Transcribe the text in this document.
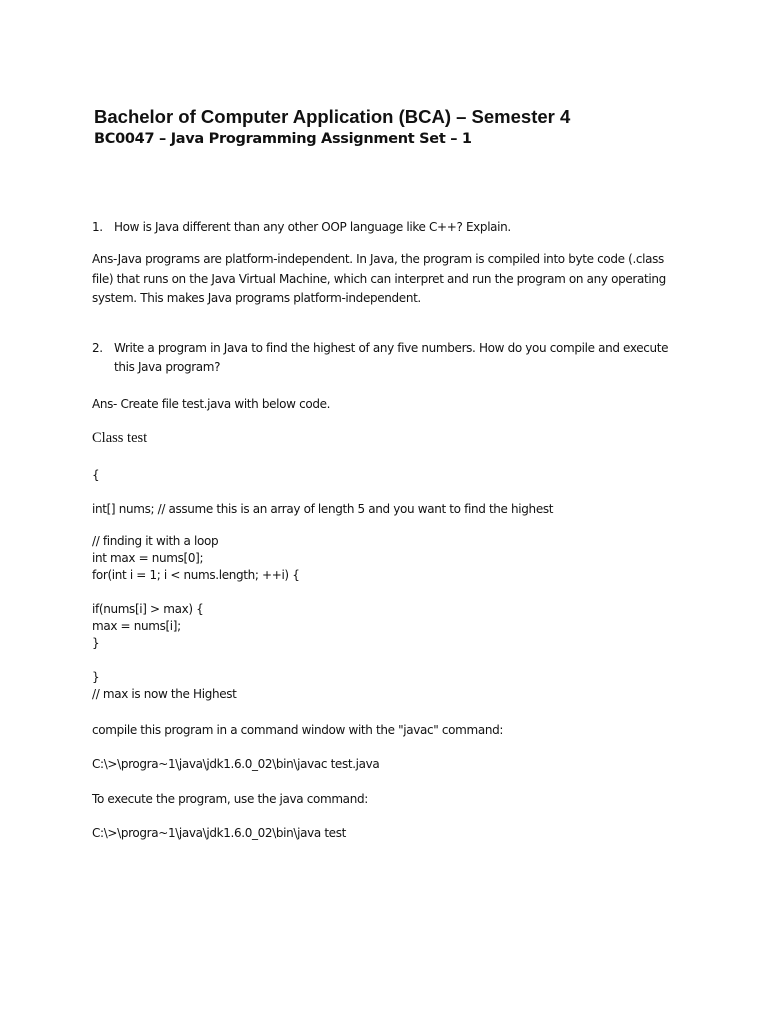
Bachelor of Computer Application (BCA) – Semester 4
BC0047 – Java Programming Assignment Set – 1
1. How is Java different than any other OOP language like C++? Explain.
Ans-Java programs are platform-independent. In Java, the program is compiled into byte code (.class
file) that runs on the Java Virtual Machine, which can interpret and run the program on any operating
system. This makes Java programs platform-independent.
2. Write a program in Java to find the highest of any five numbers. How do you compile and execute
this Java program?
Ans- Create file test.java with below code.
Class test
{
int[] nums; // assume this is an array of length 5 and you want to find the highest
// finding it with a loop
int max = nums[0];
for(int i = 1; i < nums.length; ++i) {
if(nums[i] > max) {
max = nums[i];
}
}
// max is now the Highest
compile this program in a command window with the "javac" command:
C:\>\progra~1\java\jdk1.6.0_02\bin\javac test.java
To execute the program, use the java command:
C:\>\progra~1\java\jdk1.6.0_02\bin\java test
